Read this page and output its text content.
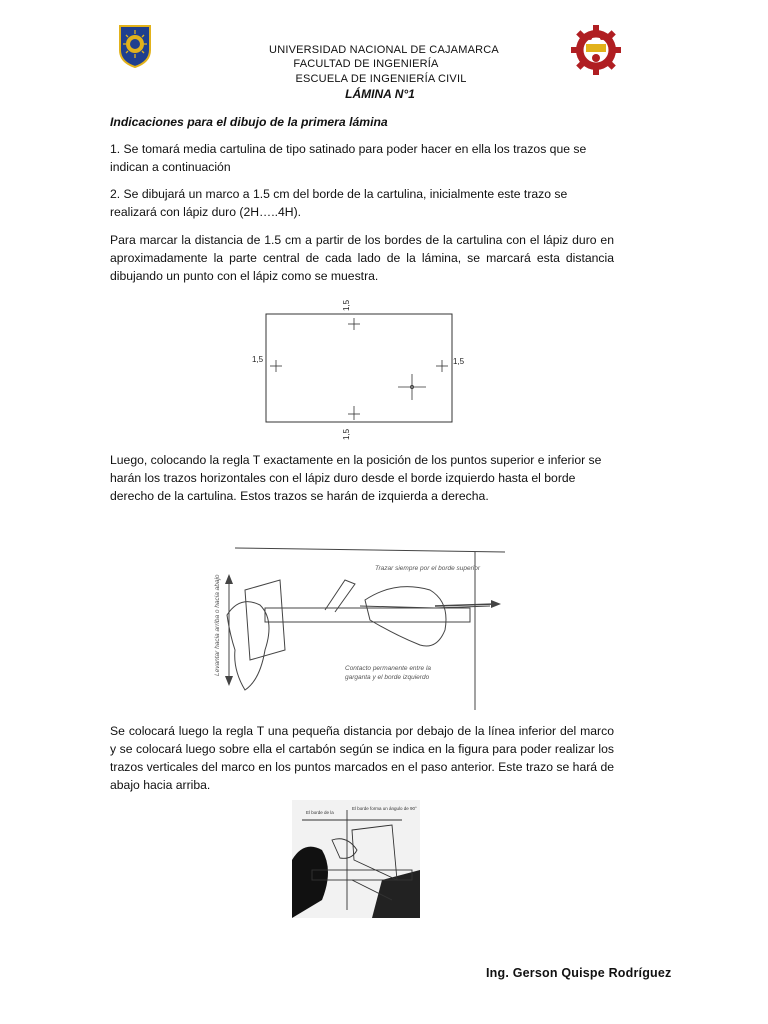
UNIVERSIDAD NACIONAL DE CAJAMARCA
FACULTAD DE INGENIERÍA
ESCUELA DE INGENIERÍA CIVIL
LÁMINA N°1
Indicaciones para el dibujo de la primera lámina
1. Se tomará media cartulina de tipo satinado para poder hacer en ella los trazos que se indican a continuación
2. Se dibujará un marco a 1.5 cm del borde de la cartulina, inicialmente este trazo se realizará con lápiz duro (2H…..4H).
Para marcar la distancia de 1.5 cm a partir de los bordes de la cartulina con el lápiz duro en aproximadamente la parte central de cada lado de la lámina, se marcará esta distancia dibujando un punto con el lápiz como se muestra.
1,5
1,5
1,5	1,5
Luego, colocando la regla T exactamente en la posición de los puntos superior e inferior se harán los trazos horizontales con el lápiz duro desde el borde izquierdo hasta el borde derecho de la cartulina. Estos trazos se harán de izquierda a derecha.
Levantar hacia arriba o hacia abajo
Trazar siempre por el borde superior
Contacto permanente entre la
garganta y el borde izquierdo
Se colocará luego la regla T una pequeña distancia por debajo de la línea inferior del marco y se colocará luego sobre ella el cartabón según se indica en la figura para poder realizar los trazos verticales del marco en los puntos marcados en el paso anterior. Este trazo se hará de abajo hacia arriba.
El borde de la
El borde forma un ángulo de 90°
Ing. Gerson Quispe Rodríguez
